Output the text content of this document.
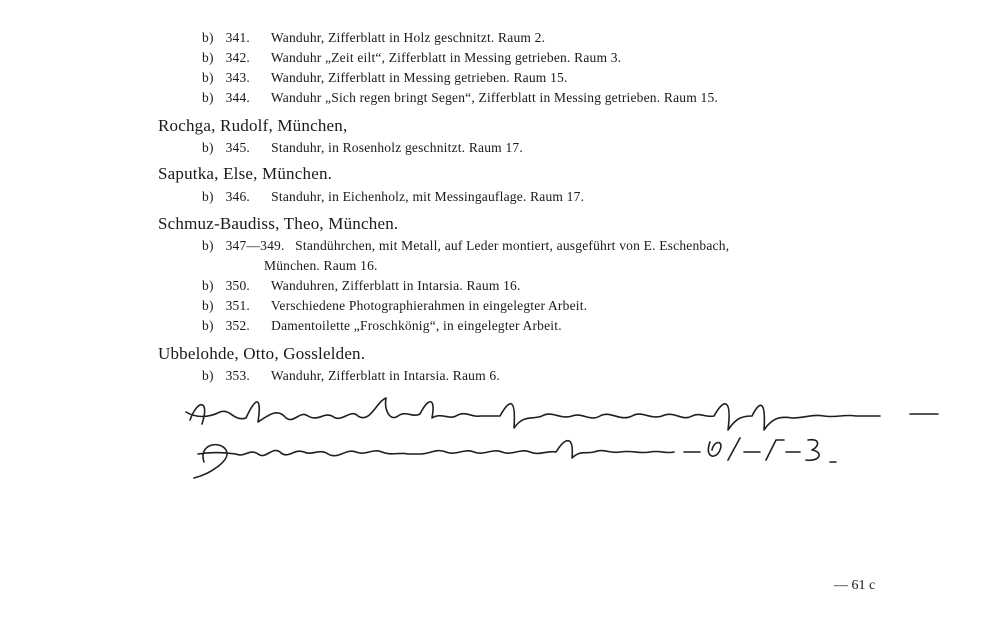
b) 341. Wanduhr, Zifferblatt in Holz geschnitzt. Raum 2.
b) 342. Wanduhr „Zeit eilt“, Zifferblatt in Messing getrieben. Raum 3.
b) 343. Wanduhr, Zifferblatt in Messing getrieben. Raum 15.
b) 344. Wanduhr „Sich regen bringt Segen“, Zifferblatt in Messing getrieben. Raum 15.
Rochga, Rudolf, München,
b) 345. Standuhr, in Rosenholz geschnitzt. Raum 17.
Saputka, Else, München.
b) 346. Standuhr, in Eichenholz, mit Messingauflage. Raum 17.
Schmuz-Baudiss, Theo, München.
b) 347—349. Standührchen, mit Metall, auf Leder montiert, ausgeführt von E. Eschenbach,
München. Raum 16.
b) 350. Wanduhren, Zifferblatt in Intarsia. Raum 16.
b) 351. Verschiedene Photographierahmen in eingelegter Arbeit.
b) 352. Damentoilette „Froschkönig“, in eingelegter Arbeit.
Ubbelohde, Otto, Gosslelden.
b) 353. Wanduhr, Zifferblatt in Intarsia. Raum 6.
— 61 c
